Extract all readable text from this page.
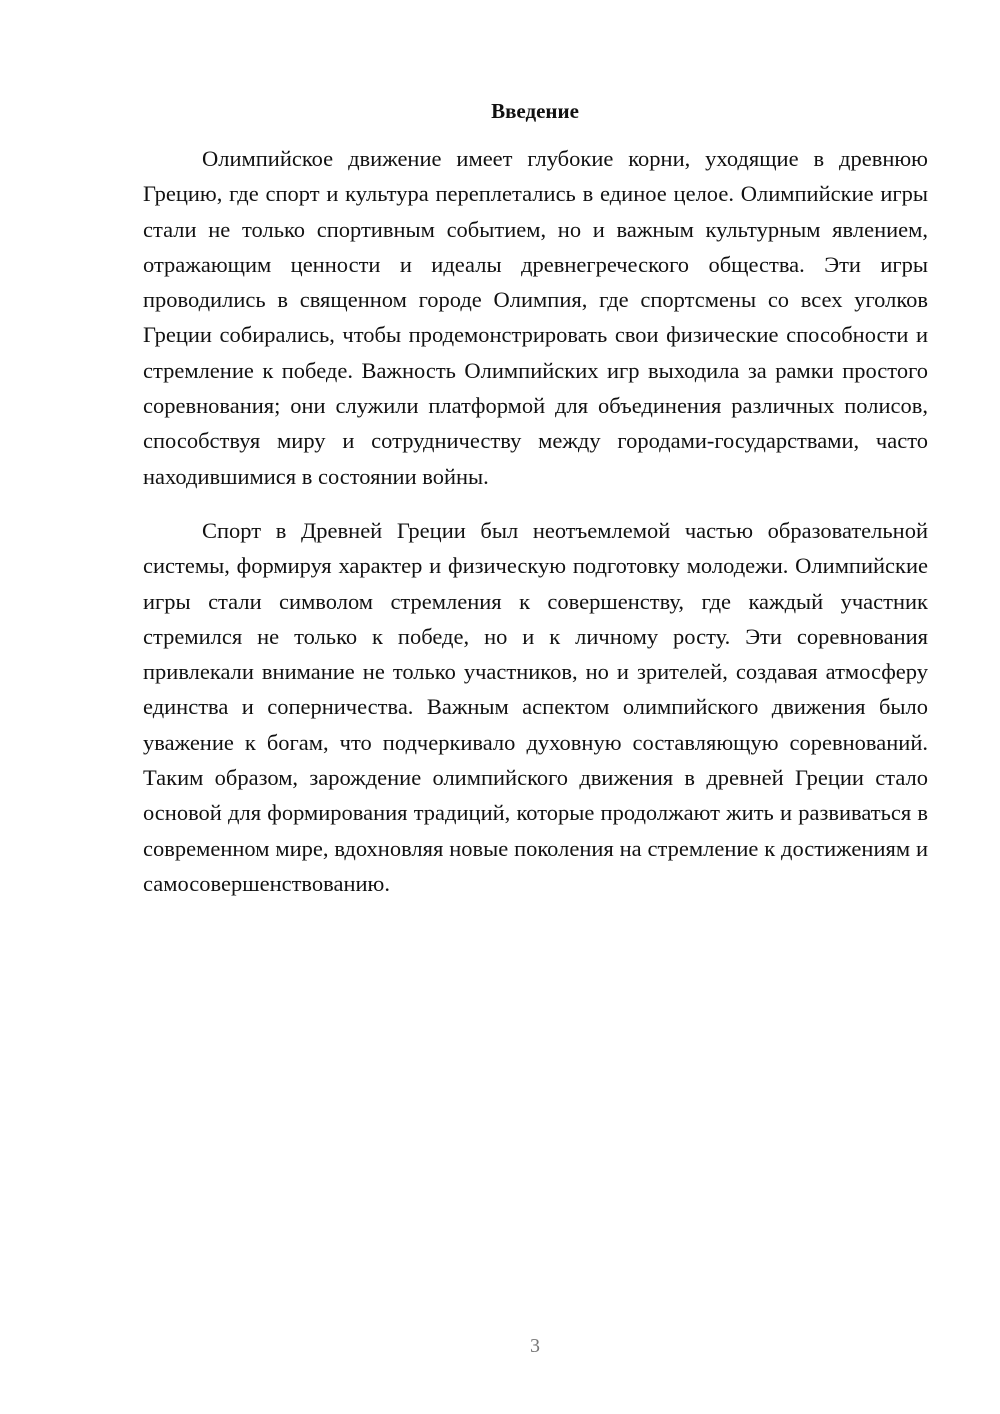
Введение

Олимпийское движение имеет глубокие корни, уходящие в древнюю Грецию, где спорт и культура переплетались в единое целое. Олимпийские игры стали не только спортивным событием, но и важным культурным явлением, отражающим ценности и идеалы древнегреческого общества. Эти игры проводились в священном городе Олимпия, где спортсмены со всех уголков Греции собирались, чтобы продемонстрировать свои физические способности и стремление к победе. Важность Олимпийских игр выходила за рамки простого соревнования; они служили платформой для объединения различных полисов, способствуя миру и сотрудничеству между городами-государствами, часто находившимися в состоянии войны.

Спорт в Древней Греции был неотъемлемой частью образовательной системы, формируя характер и физическую подготовку молодежи. Олимпийские игры стали символом стремления к совершенству, где каждый участник стремился не только к победе, но и к личному росту. Эти соревнования привлекали внимание не только участников, но и зрителей, создавая атмосферу единства и соперничества. Важным аспектом олимпийского движения было уважение к богам, что подчеркивало духовную составляющую соревнований. Таким образом, зарождение олимпийского движения в древней Греции стало основой для формирования традиций, которые продолжают жить и развиваться в современном мире, вдохновляя новые поколения на стремление к достижениям и самосовершенствованию.

3
